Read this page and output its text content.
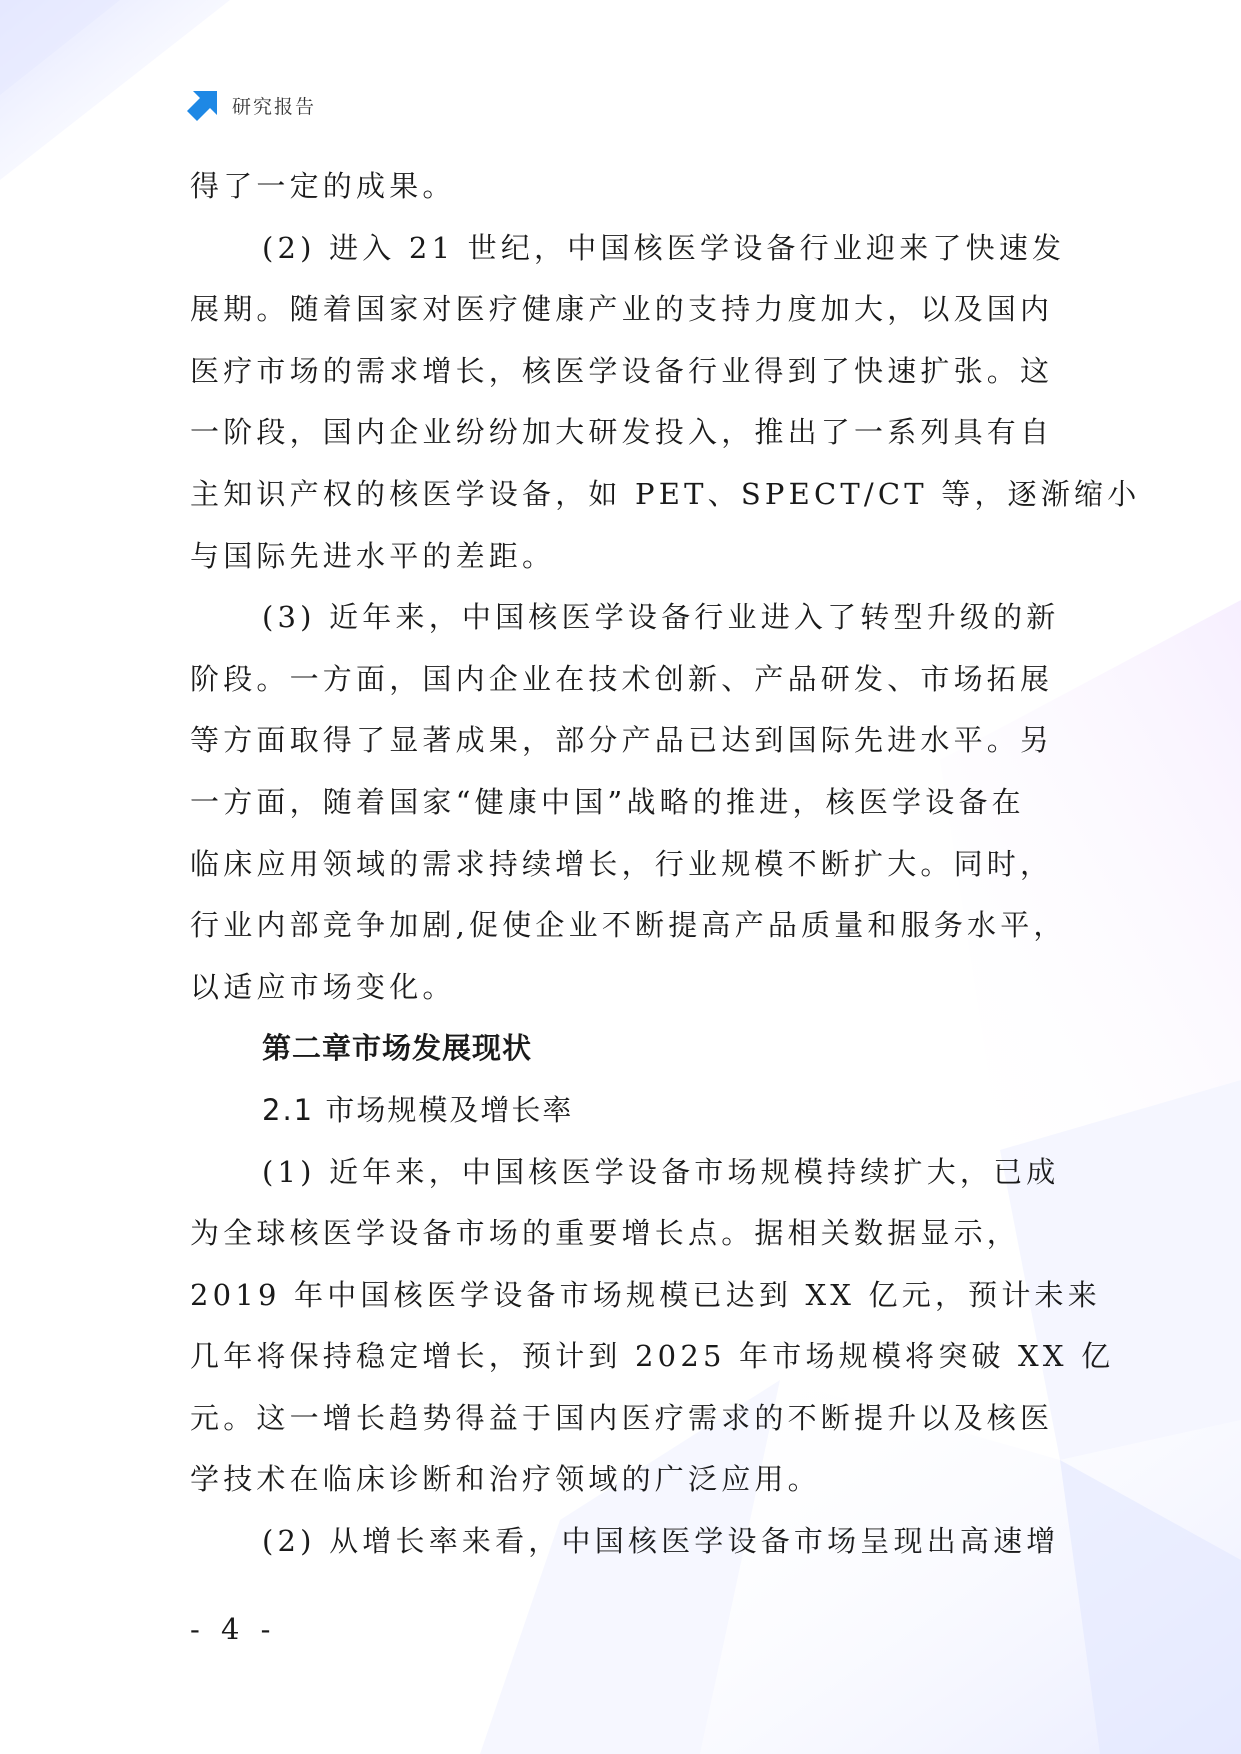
研究报告
得了一定的成果。
(2) 进入 21 世纪，中国核医学设备行业迎来了快速发
展期。随着国家对医疗健康产业的支持力度加大，以及国内
医疗市场的需求增长，核医学设备行业得到了快速扩张。这
一阶段，国内企业纷纷加大研发投入，推出了一系列具有自
主知识产权的核医学设备，如 PET、SPECT/CT 等，逐渐缩小
与国际先进水平的差距。
(3) 近年来，中国核医学设备行业进入了转型升级的新
阶段。一方面，国内企业在技术创新、产品研发、市场拓展
等方面取得了显著成果，部分产品已达到国际先进水平。另
一方面，随着国家“健康中国”战略的推进，核医学设备在
临床应用领域的需求持续增长，行业规模不断扩大。同时，
行业内部竞争加剧,促使企业不断提高产品质量和服务水平，
以适应市场变化。
第二章市场发展现状
2.1 市场规模及增长率
(1) 近年来，中国核医学设备市场规模持续扩大，已成
为全球核医学设备市场的重要增长点。据相关数据显示，
2019 年中国核医学设备市场规模已达到 XX 亿元，预计未来
几年将保持稳定增长，预计到 2025 年市场规模将突破 XX 亿
元。这一增长趋势得益于国内医疗需求的不断提升以及核医
学技术在临床诊断和治疗领域的广泛应用。
(2) 从增长率来看，中国核医学设备市场呈现出高速增
- 4 -
